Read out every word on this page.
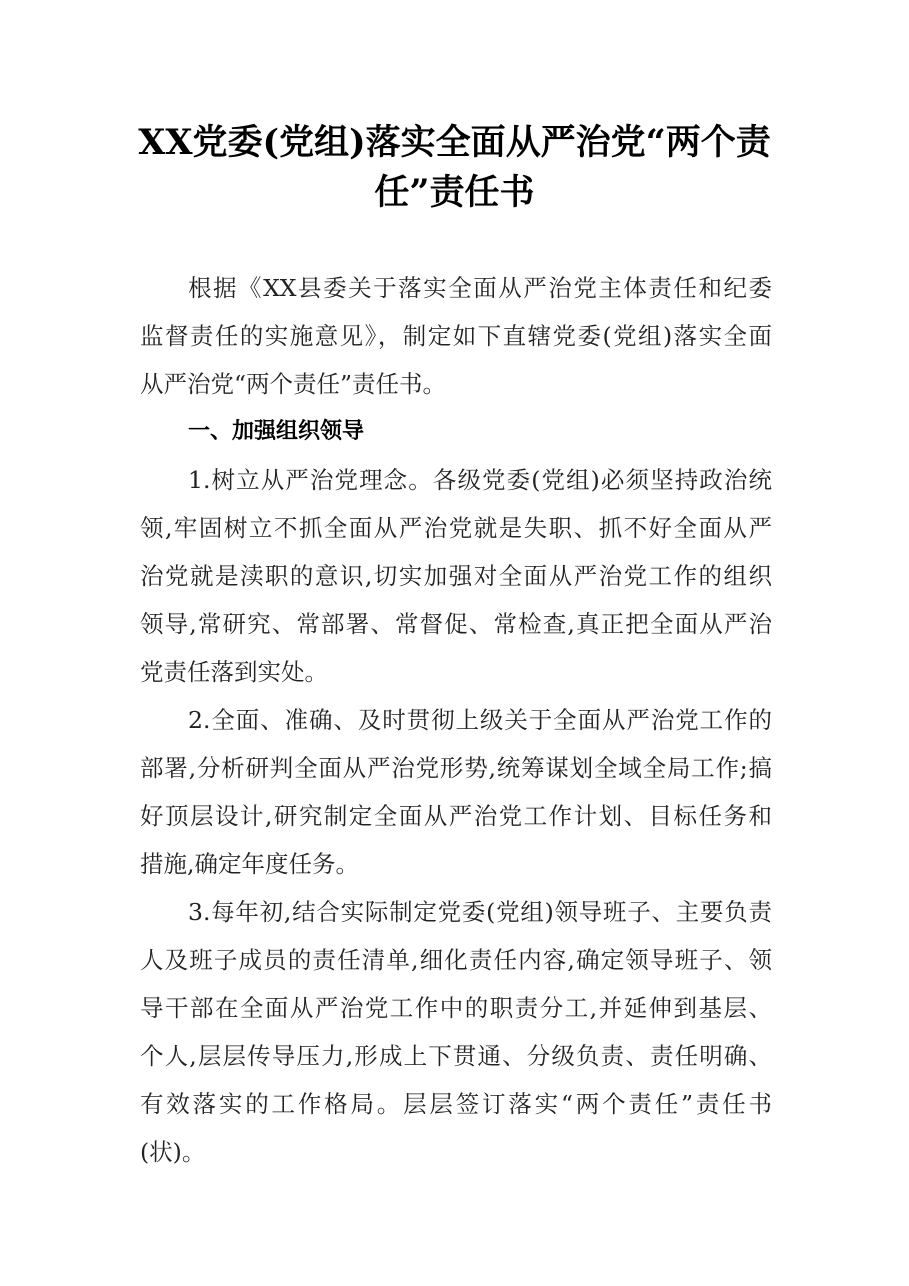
XX党委(党组)落实全面从严治党“两个责
任”责任书

根据《XX县委关于落实全面从严治党主体责任和纪委
监督责任的实施意见》，制定如下直辖党委(党组)落实全面
从严治党“两个责任”责任书。

一、加强组织领导

1.树立从严治党理念。各级党委(党组)必须坚持政治统
领,牢固树立不抓全面从严治党就是失职、抓不好全面从严
治党就是渎职的意识,切实加强对全面从严治党工作的组织
领导,常研究、常部署、常督促、常检查,真正把全面从严治
党责任落到实处。

2.全面、准确、及时贯彻上级关于全面从严治党工作的
部署,分析研判全面从严治党形势,统筹谋划全域全局工作;搞
好顶层设计,研究制定全面从严治党工作计划、目标任务和
措施,确定年度任务。

3.每年初,结合实际制定党委(党组)领导班子、主要负责
人及班子成员的责任清单,细化责任内容,确定领导班子、领
导干部在全面从严治党工作中的职责分工,并延伸到基层、
个人,层层传导压力,形成上下贯通、分级负责、责任明确、
有效落实的工作格局。层层签订落实“两个责任”责任书
(状)。
